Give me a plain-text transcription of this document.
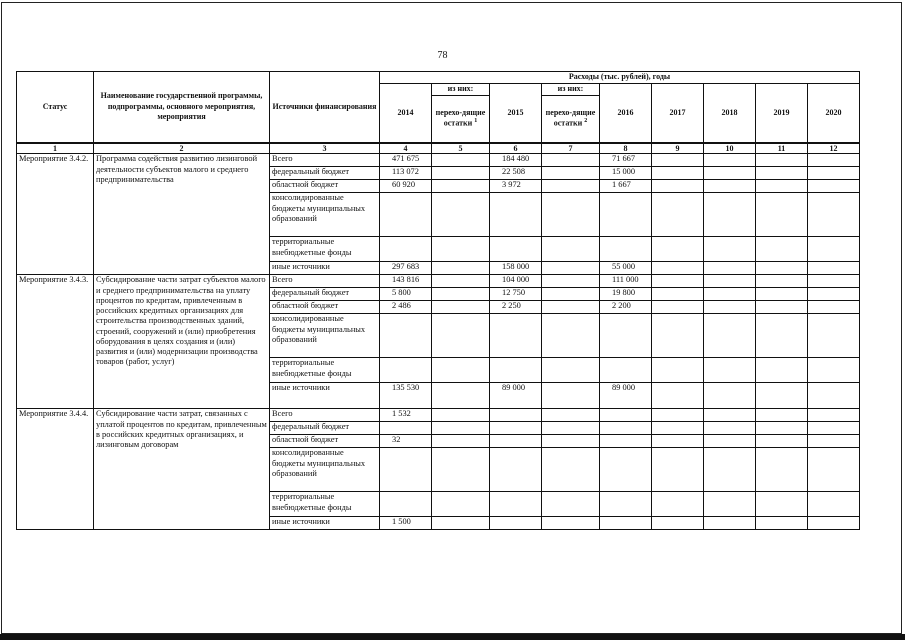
78
Статус	Наименование государственной программы, подпрограммы, основного мероприятия, мероприятия	Источники финансирования	Расходы (тыс. рублей), годы								
			2014	из них:	2015	из них:	2016	2017	2018	2019	2020
				перехо-дящие остатки $^1$		перехо-дящие остатки $^2$
1	2	3	4	5	6	7	8	9	10	11	12
Мероприятие 3.4.2.	Программа содействия развитию лизинговой деятельности субъектов малого и среднего предпринимательства	Всего	471 675		184 480		71 667				
		федеральный бюджет	113 072		22 508		15 000				
		областной бюджет	60 920		3 972		1 667				
		консолидированные бюджеты муниципальных образований									
		территориальные внебюджетные фонды									
		иные источники	297 683		158 000		55 000				
Мероприятие 3.4.3.	Субсидирование части затрат субъектов малого и среднего предпринимательства на уплату процентов по кредитам, привлеченным в российских кредитных организациях для строительства производственных зданий, строений, сооружений и (или) приобретения оборудования в целях создания и (или) развития и (или) модернизации производства товаров (работ, услуг)	Всего	143 816		104 000		111 000				
		федеральный бюджет	5 800		12 750		19 800				
		областной бюджет	2 486		2 250		2 200				
		консолидированные бюджеты муниципальных образований									
		территориальные внебюджетные фонды									
		иные источники	135 530		89 000		89 000				
Мероприятие 3.4.4.	Субсидирование части затрат, связанных с уплатой процентов по кредитам, привлеченным в российских кредитных организациях, и лизинговым договорам	Всего	1 532								
		федеральный бюджет									
		областной бюджет	32								
		консолидированные бюджеты муниципальных образований									
		территориальные внебюджетные фонды									
		иные источники	1 500								
